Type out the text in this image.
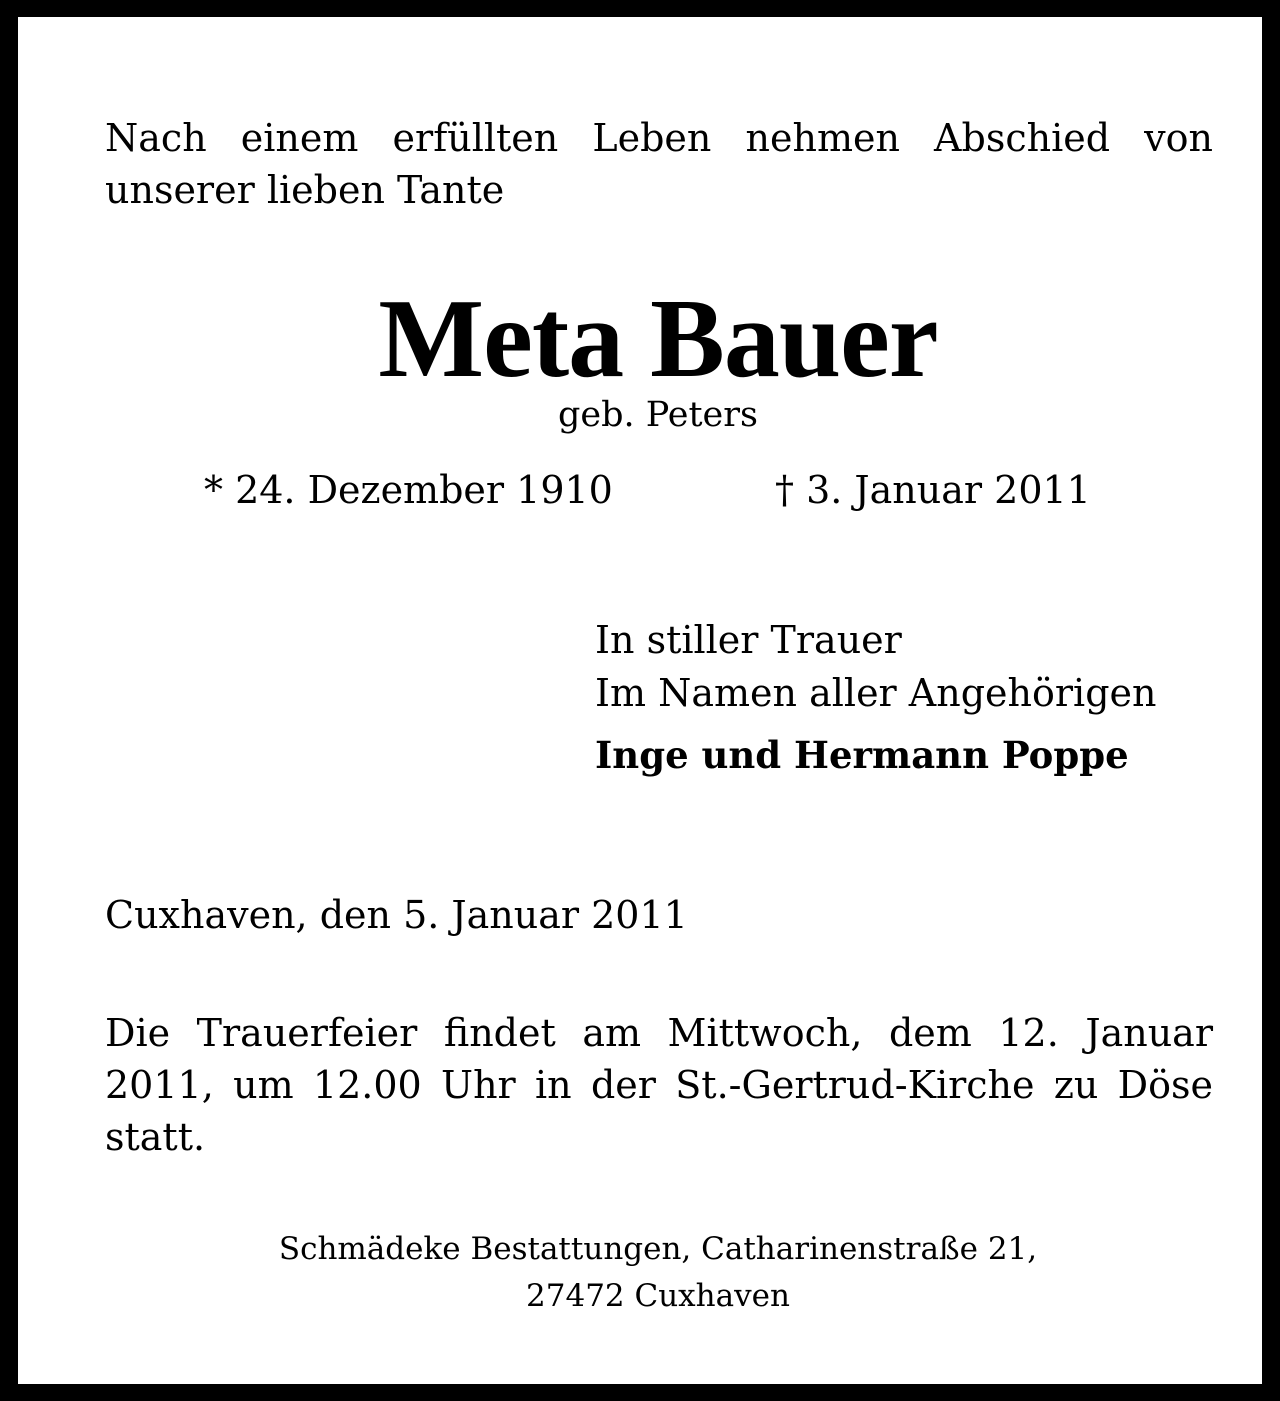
Nach einem erfüllten Leben nehmen Abschied von unserer lieben Tante

Meta Bauer
geb. Peters
* 24. Dezember 1910	† 3. Januar 2011
In stiller Trauer
Im Namen aller Angehörigen
Inge und Hermann Poppe
Cuxhaven, den 5. Januar 2011

Die Trauerfeier findet am Mittwoch, dem 12. Januar 2011, um 12.00 Uhr in der St.-Gertrud-Kirche zu Döse statt.

Schmädeke Bestattungen, Catharinenstraße 21,
27472 Cuxhaven
